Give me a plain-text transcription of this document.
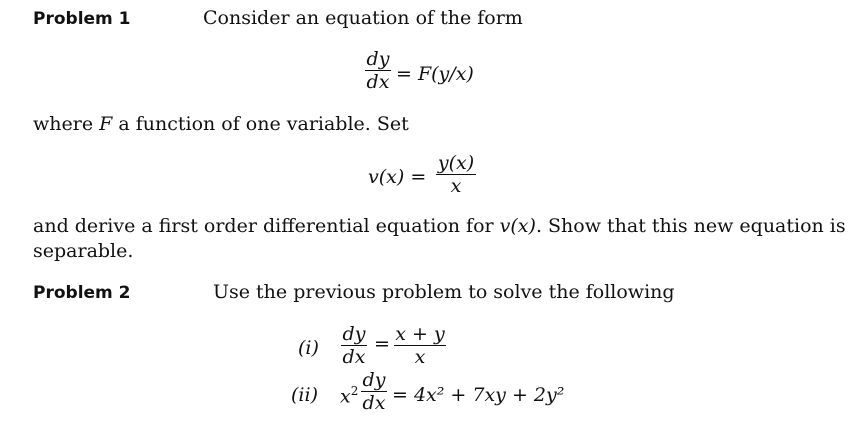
Problem 1	Consider an equation of the form
dy
dx = F(y/x)
where F a function of one variable. Set
v(x) =
y(x)
x
and derive a first order differential equation for v(x). Show that this new equation is
separable.
Problem 2	Use the previous problem to solve the following
(i)
dy
dx
= x + y
x
(ii) $x^2$ dy
dx = 4x² + 7xy + 2y²
